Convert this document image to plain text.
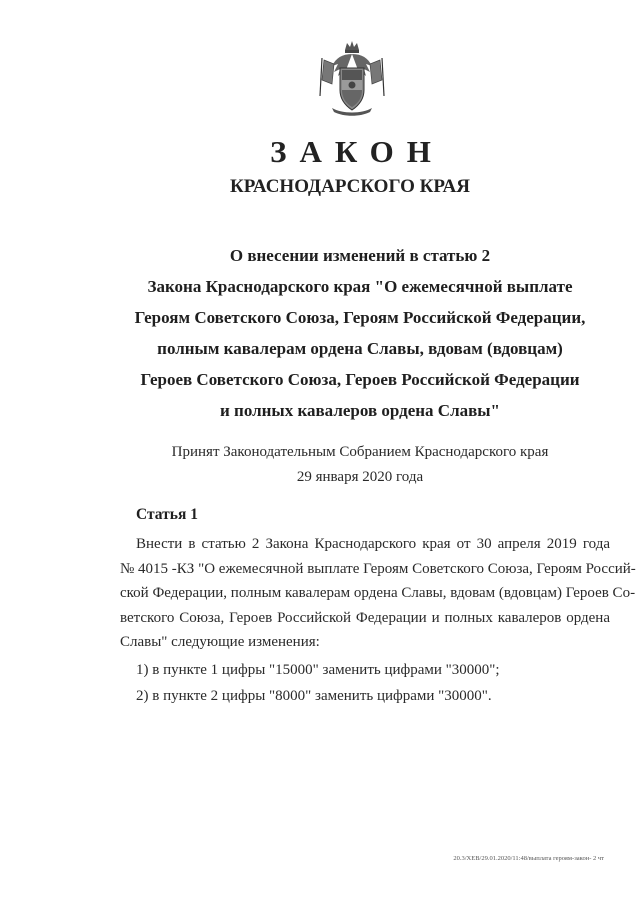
ЗАКОН
КРАСНОДАРСКОГО КРАЯ
О внесении изменений в статью 2
Закона Краснодарского края "О ежемесячной выплате
Героям Советского Союза, Героям Российской Федерации,
полным кавалерам ордена Славы, вдовам (вдовцам)
Героев Советского Союза, Героев Российской Федерации
и полных кавалеров ордена Славы"
Принят Законодательным Собранием Краснодарского края
29 января 2020 года
Статья 1
Внести в статью 2 Закона Краснодарского края от 30 апреля 2019 года
№ 4015 -КЗ "О ежемесячной выплате Героям Советского Союза, Героям Россий-
ской Федерации, полным кавалерам ордена Славы, вдовам (вдовцам) Героев Со-
ветского Союза, Героев Российской Федерации и полных кавалеров ордена
Славы" следующие изменения:
1) в пункте 1 цифры "15000" заменить цифрами "30000";
2) в пункте 2 цифры "8000" заменить цифрами "30000".
20.3/XЕВ/29.01.2020/11:48/выплата героям-закон- 2 чт
